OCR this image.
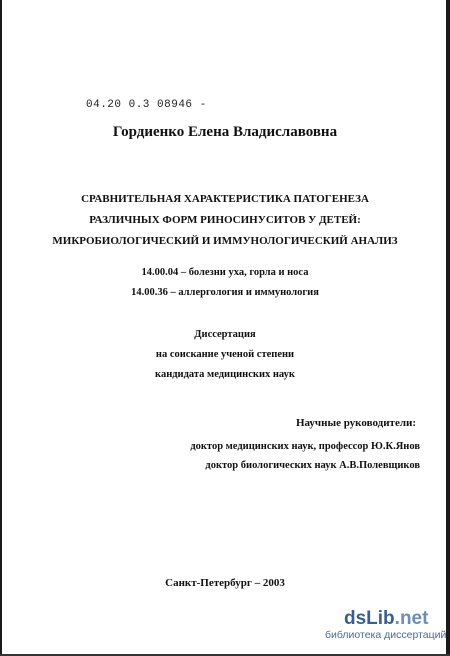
04.20 0.3 08946 -
Гордиенко Елена Владиславовна
СРАВНИТЕЛЬНАЯ ХАРАКТЕРИСТИКА ПАТОГЕНЕЗА
РАЗЛИЧНЫХ ФОРМ РИНОСИНУСИТОВ У ДЕТЕЙ:
МИКРОБИОЛОГИЧЕСКИЙ И ИММУНОЛОГИЧЕСКИЙ АНАЛИЗ
14.00.04 – болезни уха, горла и носа
14.00.36 – аллергология и иммунология
Диссертация
на соискание ученой степени
кандидата медицинских наук
Научные руководители:
доктор медицинских наук, профессор Ю.К.Янов
доктор биологических наук А.В.Полевщиков
Санкт-Петербург – 2003
dsLib.net
библиотека диссертаций
